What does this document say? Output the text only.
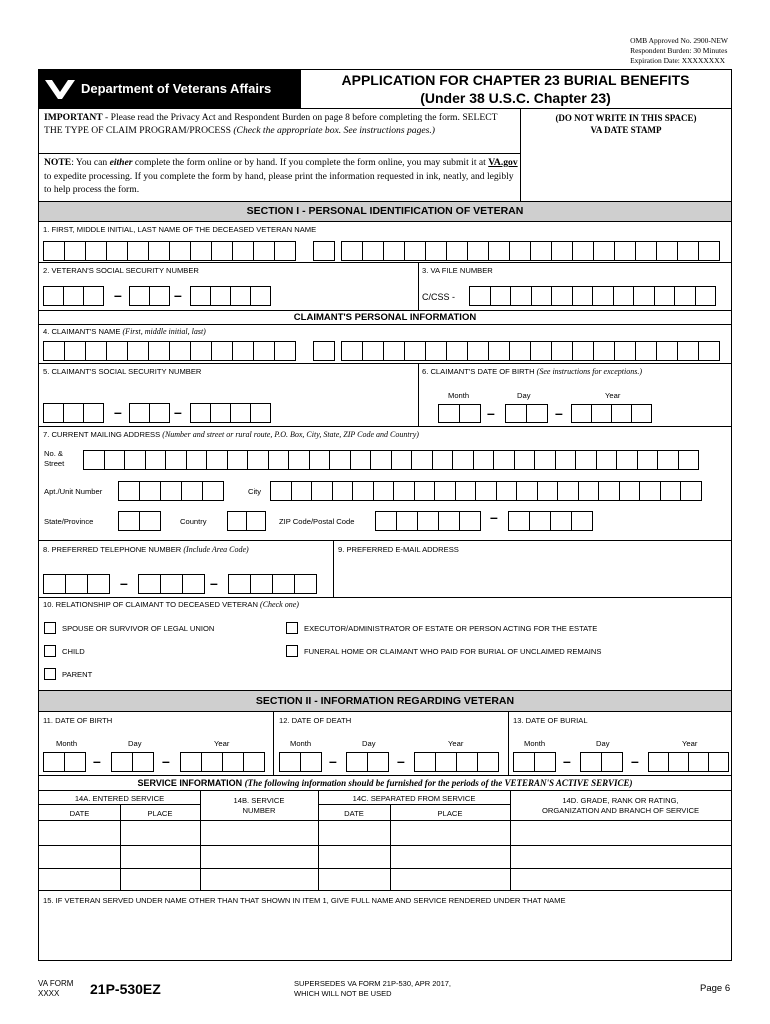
OMB Approved No. 2900-NEW
Respondent Burden: 30 Minutes
Expiration Date: XXXXXXXX
Department of Veterans Affairs
APPLICATION FOR CHAPTER 23 BURIAL BENEFITS
(Under 38 U.S.C. Chapter 23)
IMPORTANT - Please read the Privacy Act and Respondent Burden on page 8 before completing the form. SELECT THE TYPE OF CLAIM PROGRAM/PROCESS (Check the appropriate box. See instructions pages.)
NOTE: You can either complete the form online or by hand. If you complete the form online, you may submit it at VA.gov to expedite processing. If you complete the form by hand, please print the information requested in ink, neatly, and legibly to help process the form.
(DO NOT WRITE IN THIS SPACE)
VA DATE STAMP
SECTION I - PERSONAL IDENTIFICATION OF VETERAN
1. FIRST, MIDDLE INITIAL, LAST NAME OF THE DECEASED VETERAN NAME
2. VETERAN'S SOCIAL SECURITY NUMBER	3. VA FILE NUMBER
–	–	C/CSS -
CLAIMANT'S PERSONAL INFORMATION
4. CLAIMANT'S NAME (First, middle initial, last)
5. CLAIMANT'S SOCIAL SECURITY NUMBER	6. CLAIMANT'S DATE OF BIRTH (See instructions for exceptions.)
–	–
Month	Day	Year
–	–
7. CURRENT MAILING ADDRESS (Number and street or rural route, P.O. Box, City, State, ZIP Code and Country)
No. &
Street
Apt./Unit Number	City
State/Province	Country	ZIP Code/Postal Code	–
8. PREFERRED TELEPHONE NUMBER (Include Area Code)	9. PREFERRED E-MAIL ADDRESS
–	–
10. RELATIONSHIP OF CLAIMANT TO DECEASED VETERAN (Check one)
SPOUSE OR SURVIVOR OF LEGAL UNION	EXECUTOR/ADMINISTRATOR OF ESTATE OR PERSON ACTING FOR THE ESTATE
CHILD	FUNERAL HOME OR CLAIMANT WHO PAID FOR BURIAL OF UNCLAIMED REMAINS
PARENT
SECTION II - INFORMATION REGARDING VETERAN
11. DATE OF BIRTH	12. DATE OF DEATH	13. DATE OF BURIAL
Month	Day	Year
–	–
Month	Day	Year
–	–
Month	Day	Year
–	–
SERVICE INFORMATION (The following information should be furnished for the periods of the VETERAN'S ACTIVE SERVICE)
14A. ENTERED SERVICE
DATE	PLACE
14B. SERVICE
NUMBER
14C. SEPARATED FROM SERVICE
DATE	PLACE
14D. GRADE, RANK OR RATING,
ORGANIZATION AND BRANCH OF SERVICE
15. IF VETERAN SERVED UNDER NAME OTHER THAN THAT SHOWN IN ITEM 1, GIVE FULL NAME AND SERVICE RENDERED UNDER THAT NAME
VA FORM
XXXX	21P-530EZ	SUPERSEDES VA FORM 21P-530, APR 2017,
WHICH WILL NOT BE USED	Page 6
